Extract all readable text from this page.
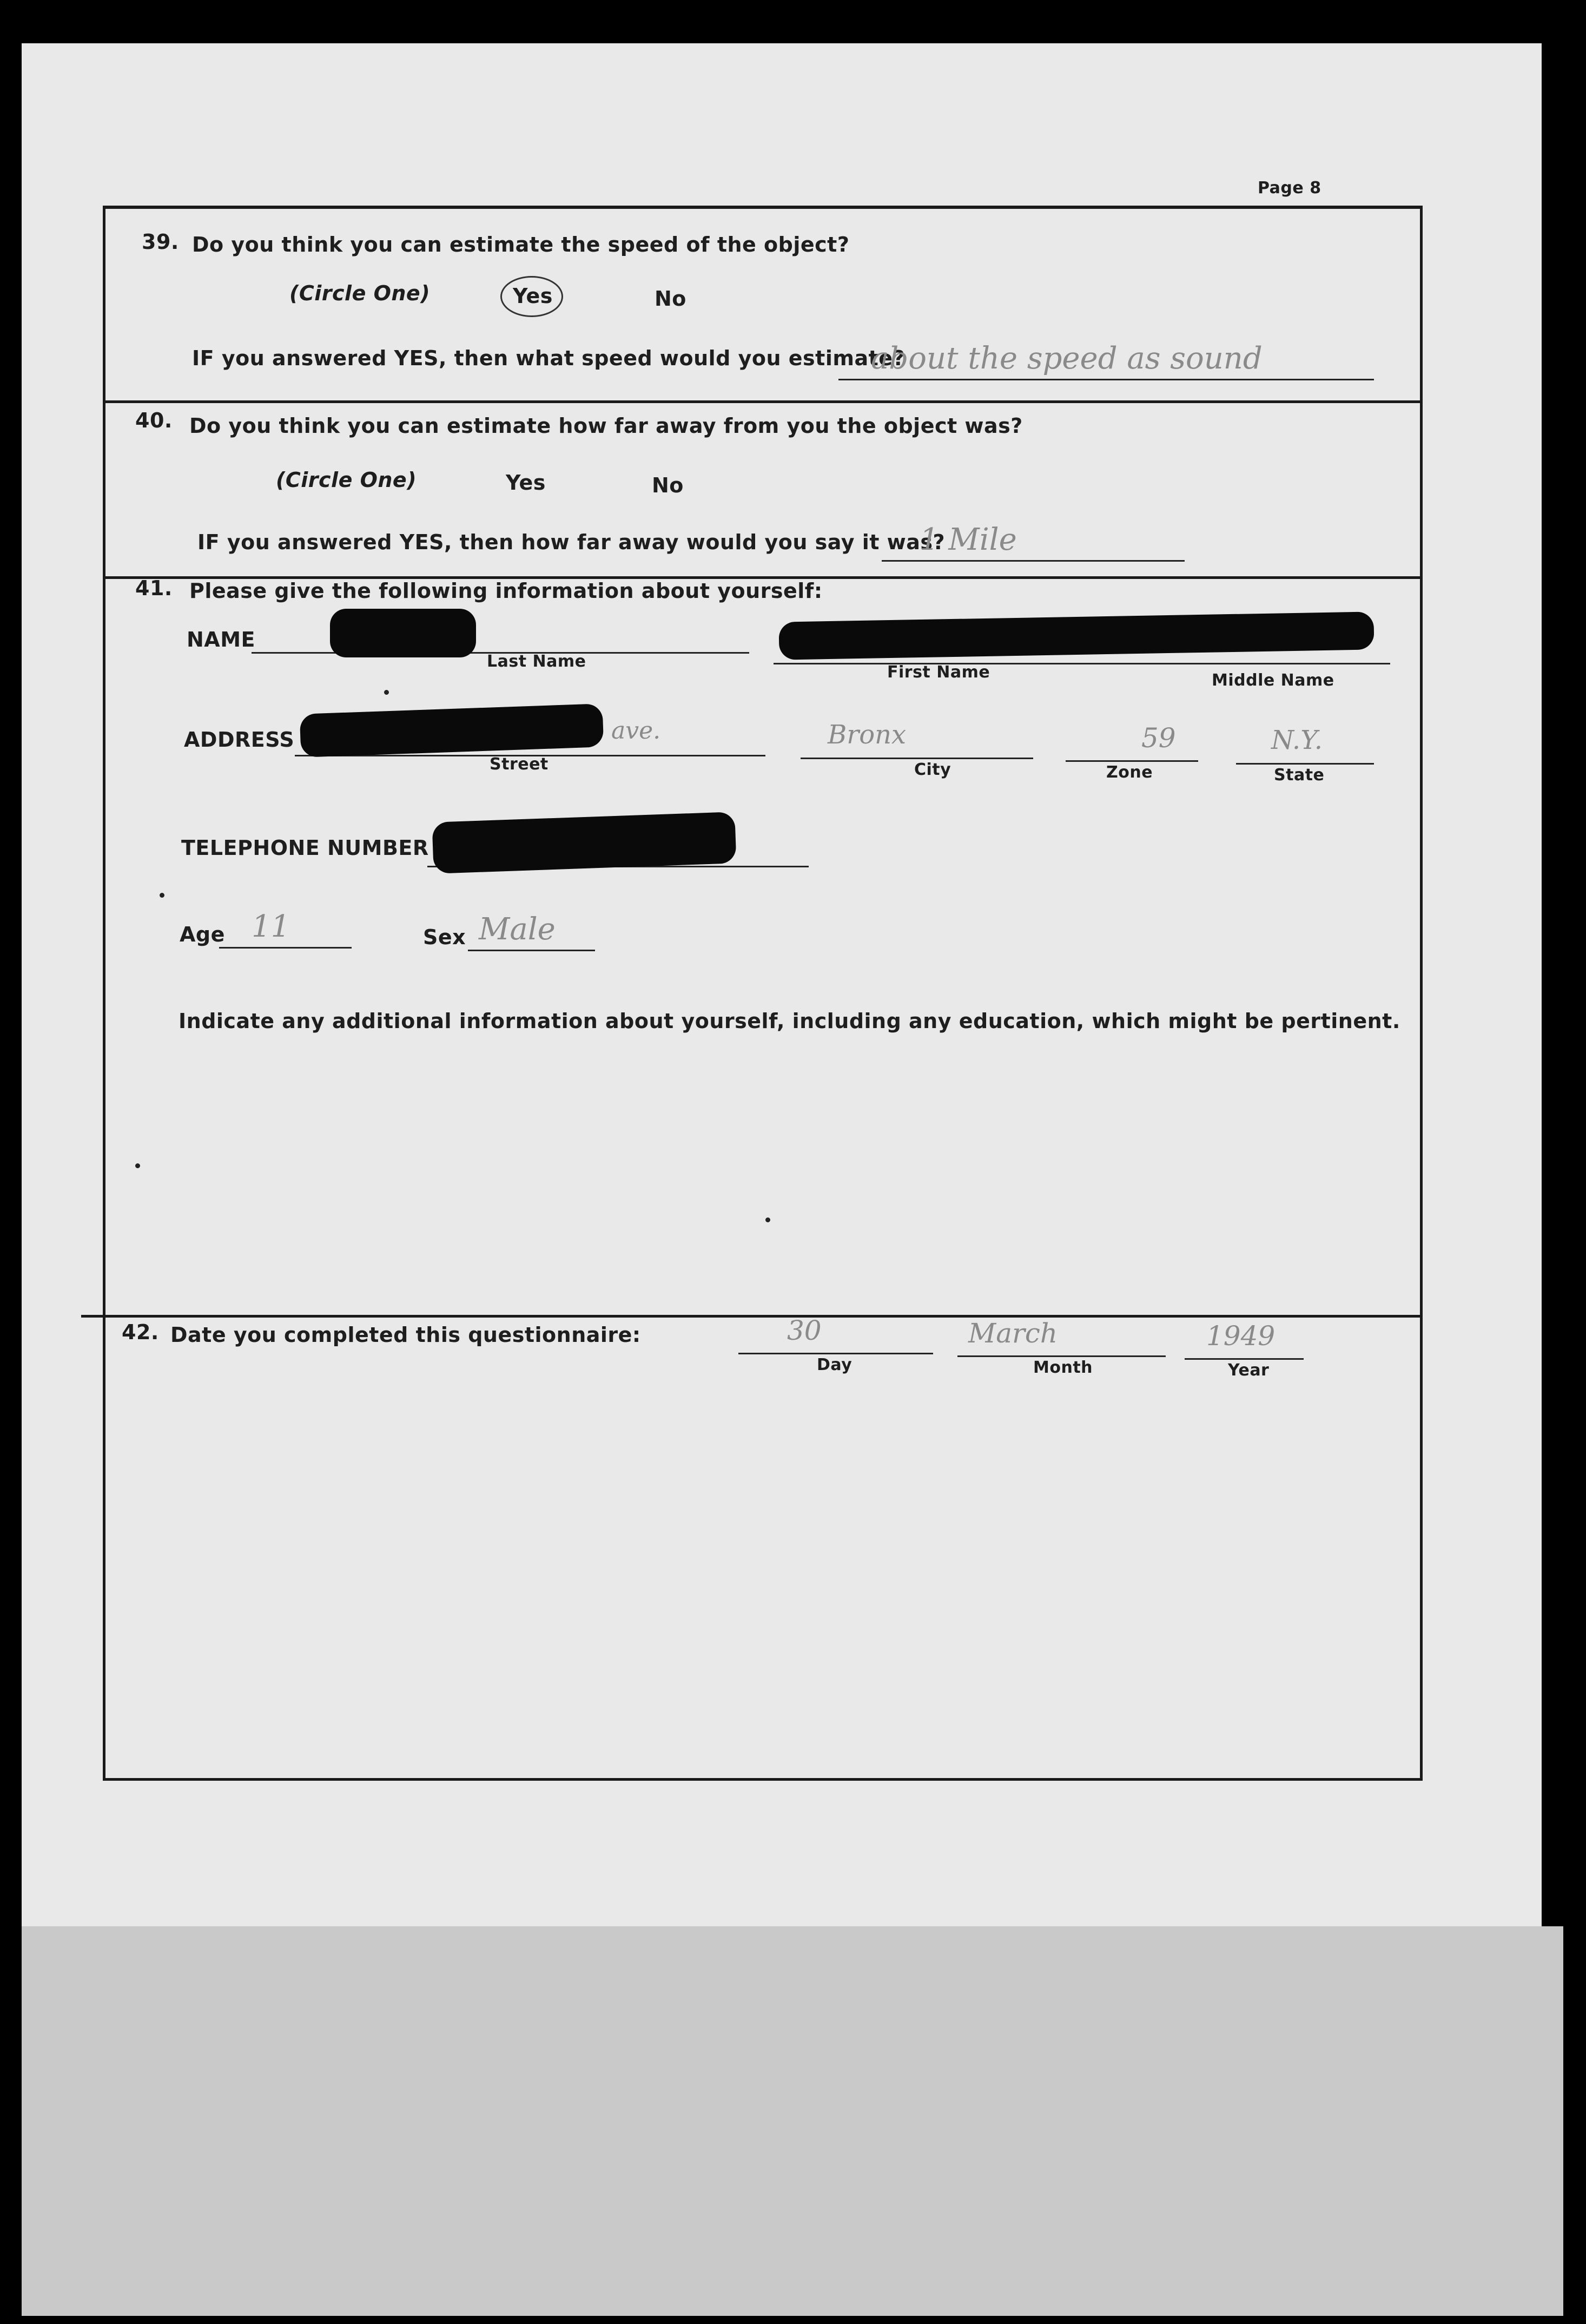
Page 8
39. Do you think you can estimate the speed of the object?
(Circle One)	Yes	No
IF you answered YES, then what speed would you estimate?
about the speed as sound
40. Do you think you can estimate how far away from you the object was?
(Circle One)	Yes	No
IF you answered YES, then how far away would you say it was?
1 Mile
41. Please give the following information about yourself:
NAME
Last Name
First Name	Middle Name
ADDRESS	ave.
Street
Bronx
City
59
Zone
N.Y.
State
TELEPHONE NUMBER
Age 11	Sex Male
Indicate any additional information about yourself, including any education, which might be pertinent.
42. Date you completed this questionnaire:	30
Day
March
Month
1949
Year
